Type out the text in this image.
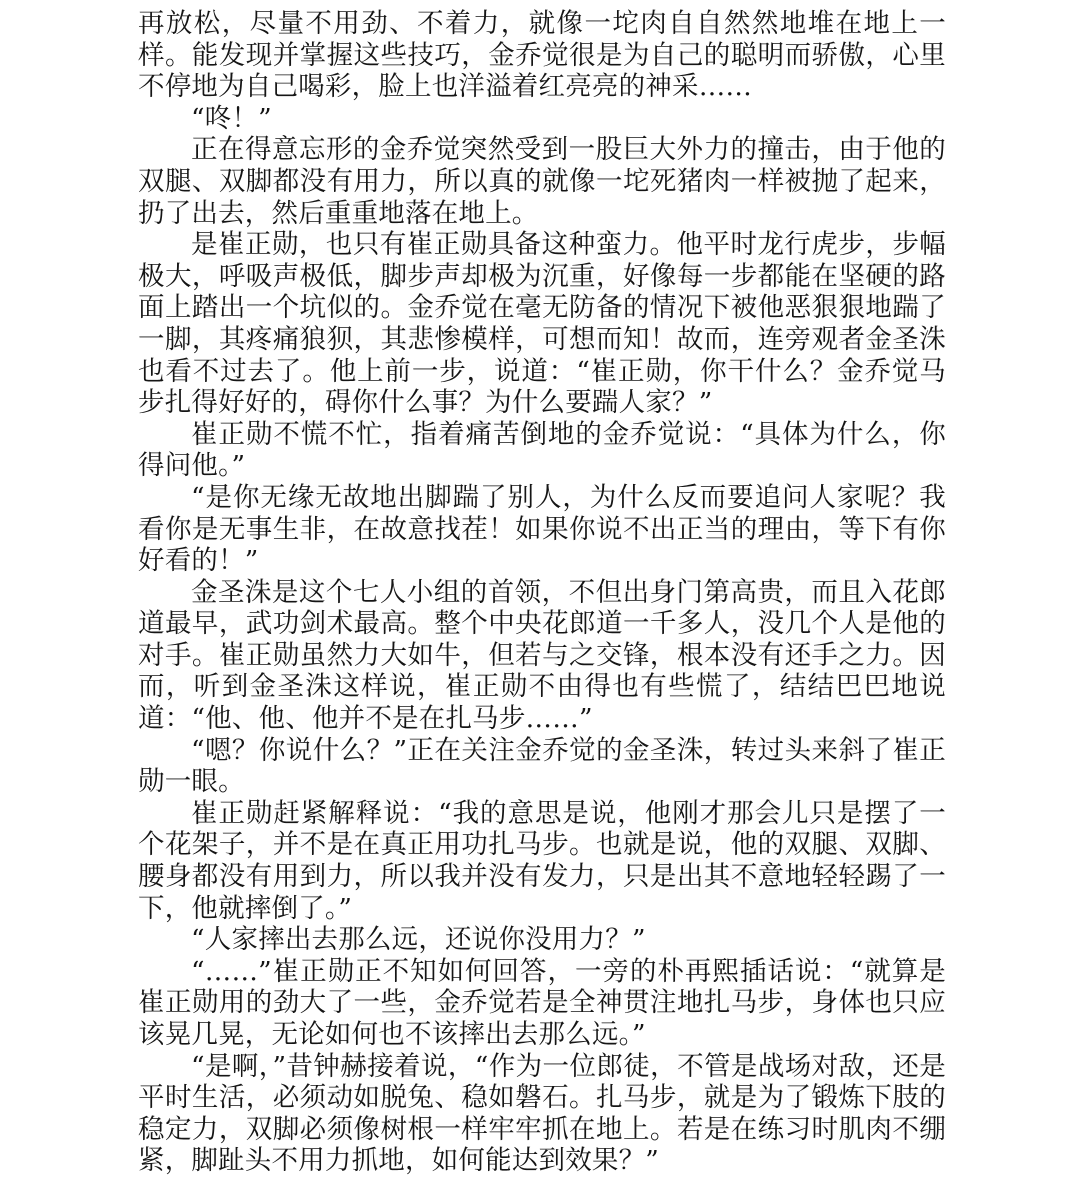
再放松，尽量不用劲、不着力，就像一坨肉自自然然地堆在地上一样。能发现并掌握这些技巧，金乔觉很是为自己的聪明而骄傲，心里不停地为自己喝彩，脸上也洋溢着红亮亮的神采……

“咚！”

正在得意忘形的金乔觉突然受到一股巨大外力的撞击，由于他的双腿、双脚都没有用力，所以真的就像一坨死猪肉一样被抛了起来，扔了出去，然后重重地落在地上。

是崔正勋，也只有崔正勋具备这种蛮力。他平时龙行虎步，步幅极大，呼吸声极低，脚步声却极为沉重，好像每一步都能在坚硬的路面上踏出一个坑似的。金乔觉在毫无防备的情况下被他恶狠狠地踹了一脚，其疼痛狼狈，其悲惨模样，可想而知！故而，连旁观者金圣洙也看不过去了。他上前一步，说道：“崔正勋，你干什么？金乔觉马步扎得好好的，碍你什么事？为什么要踹人家？”

崔正勋不慌不忙，指着痛苦倒地的金乔觉说：“具体为什么，你得问他。”

“是你无缘无故地出脚踹了别人，为什么反而要追问人家呢？我看你是无事生非，在故意找茬！如果你说不出正当的理由，等下有你好看的！”

金圣洙是这个七人小组的首领，不但出身门第高贵，而且入花郎道最早，武功剑术最高。整个中央花郎道一千多人，没几个人是他的对手。崔正勋虽然力大如牛，但若与之交锋，根本没有还手之力。因而，听到金圣洙这样说，崔正勋不由得也有些慌了，结结巴巴地说道：“他、他、他并不是在扎马步……”

“嗯？你说什么？”正在关注金乔觉的金圣洙，转过头来斜了崔正勋一眼。

崔正勋赶紧解释说：“我的意思是说，他刚才那会儿只是摆了一个花架子，并不是在真正用功扎马步。也就是说，他的双腿、双脚、腰身都没有用到力，所以我并没有发力，只是出其不意地轻轻踢了一下，他就摔倒了。”

“人家摔出去那么远，还说你没用力？”

“……”崔正勋正不知如何回答，一旁的朴再熙插话说：“就算是崔正勋用的劲大了一些，金乔觉若是全神贯注地扎马步，身体也只应该晃几晃，无论如何也不该摔出去那么远。”

“是啊，”昔钟赫接着说，“作为一位郎徒，不管是战场对敌，还是平时生活，必须动如脱兔、稳如磐石。扎马步，就是为了锻炼下肢的稳定力，双脚必须像树根一样牢牢抓在地上。若是在练习时肌肉不绷紧，脚趾头不用力抓地，如何能达到效果？”
